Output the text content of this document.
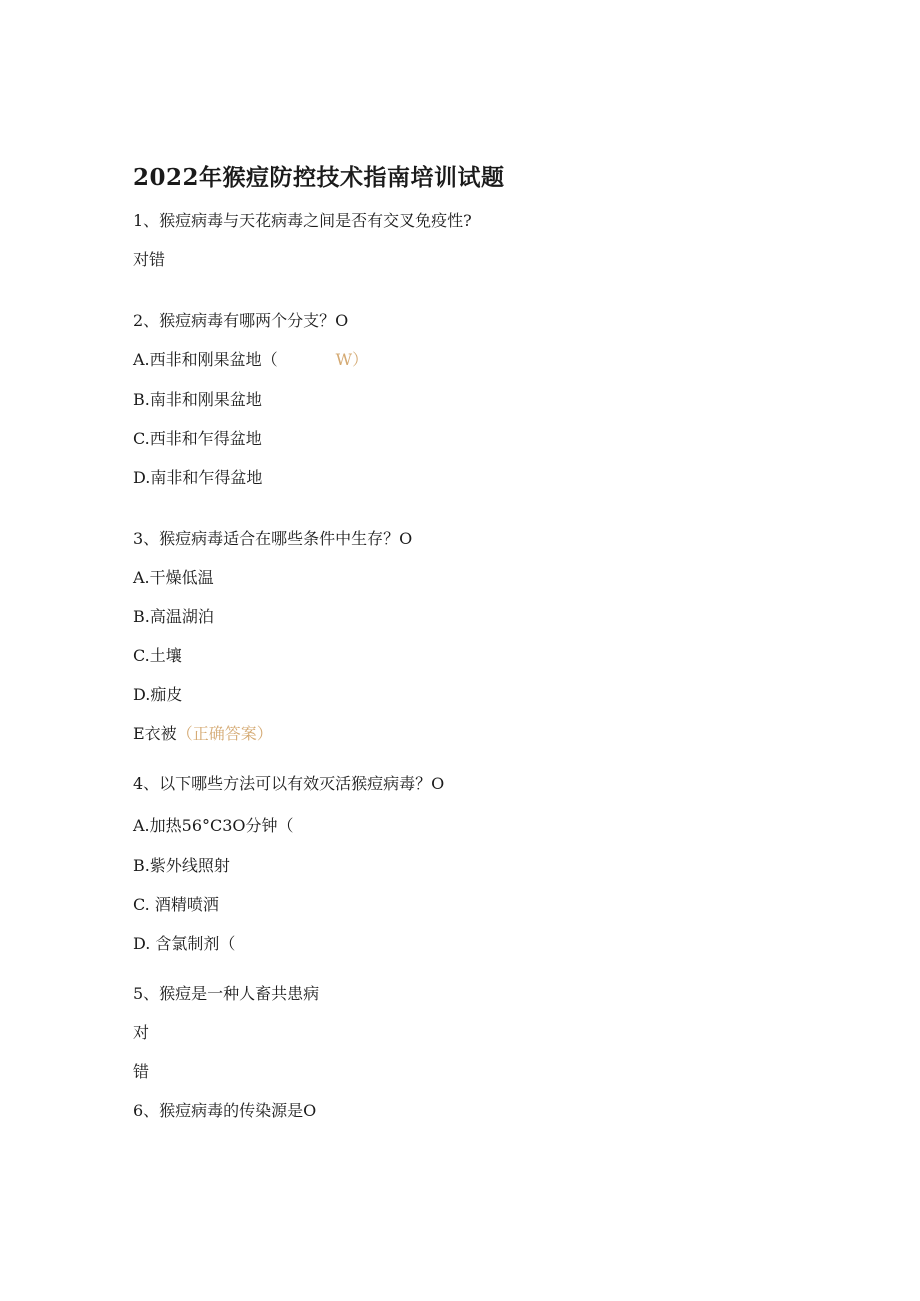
2022年猴痘防控技术指南培训试题
1、猴痘病毒与天花病毒之间是否有交叉免疫性?
对错
2、猴痘病毒有哪两个分支？O
A.西非和刚果盆地（	W）
B.南非和刚果盆地
C.西非和乍得盆地
D.南非和乍得盆地
3、猴痘病毒适合在哪些条件中生存？O
A.干燥低温
B.高温湖泊
C.土壤
D.痂皮
E衣被（正确答案）
4、以下哪些方法可以有效灭活猴痘病毒？O
A.加热56°C3O分钟（
B.紫外线照射
C. 酒精喷洒
D. 含氯制剂（
5、猴痘是一种人畜共患病
对
错
6、猴痘病毒的传染源是O
